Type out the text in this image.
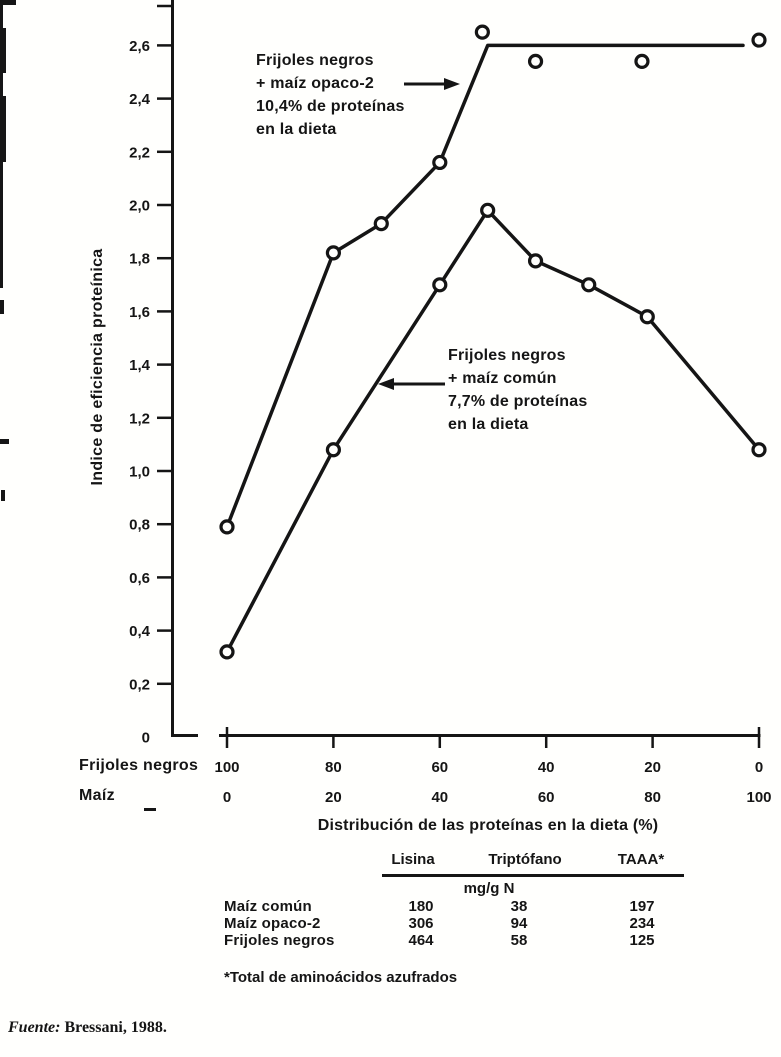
2,6
2,4
2,2
2,0
1,8
1,6
1,4
1,2
1,0
0,8
0,6
0,4
0,2
0
100	80	60	40	20	0
0	20	40	60	80	100
Indice de eficiencia proteínica
Frijoles negros
+ maíz opaco-2
10,4% de proteínas
en la dieta
Frijoles negros
+ maíz común
7,7% de proteínas
en la dieta
Frijoles negros
Maíz
Distribución de las proteínas en la dieta (%)
Lisina	Triptófano	TAAA*
mg/g N
Maíz común	180	38	197
Maíz opaco-2	306	94	234
Frijoles negros	464	58	125
*Total de aminoácidos azufrados
Fuente: Bressani, 1988.
